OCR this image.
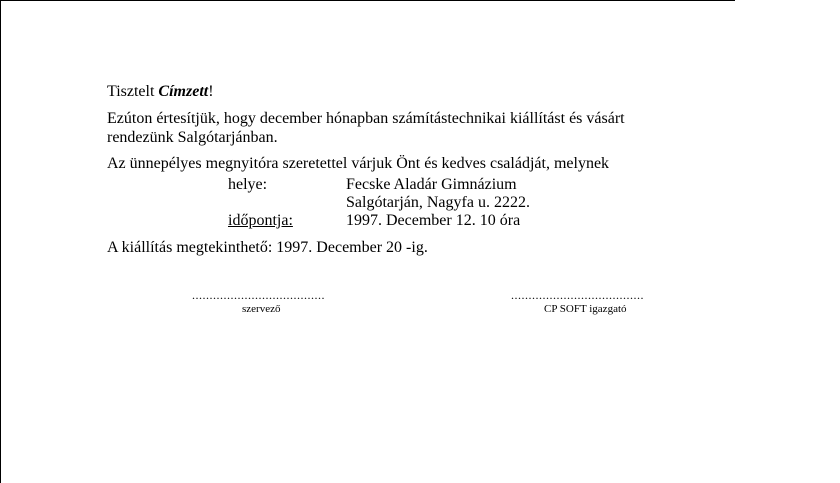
Tisztelt Címzett!
Ezúton értesítjük, hogy december hónapban számítástechnikai kiállítást és vásárt
rendezünk Salgótarjánban.
Az ünnepélyes megnyitóra szeretettel várjuk Önt és kedves családját, melynek
helye:	Fecske Aladár Gimnázium
Salgótarján, Nagyfa u. 2222.
időpontja:	1997. December 12. 10 óra
A kiállítás megtekinthető: 1997. December 20 -ig.
......................................
szervező
......................................
CP SOFT igazgató
